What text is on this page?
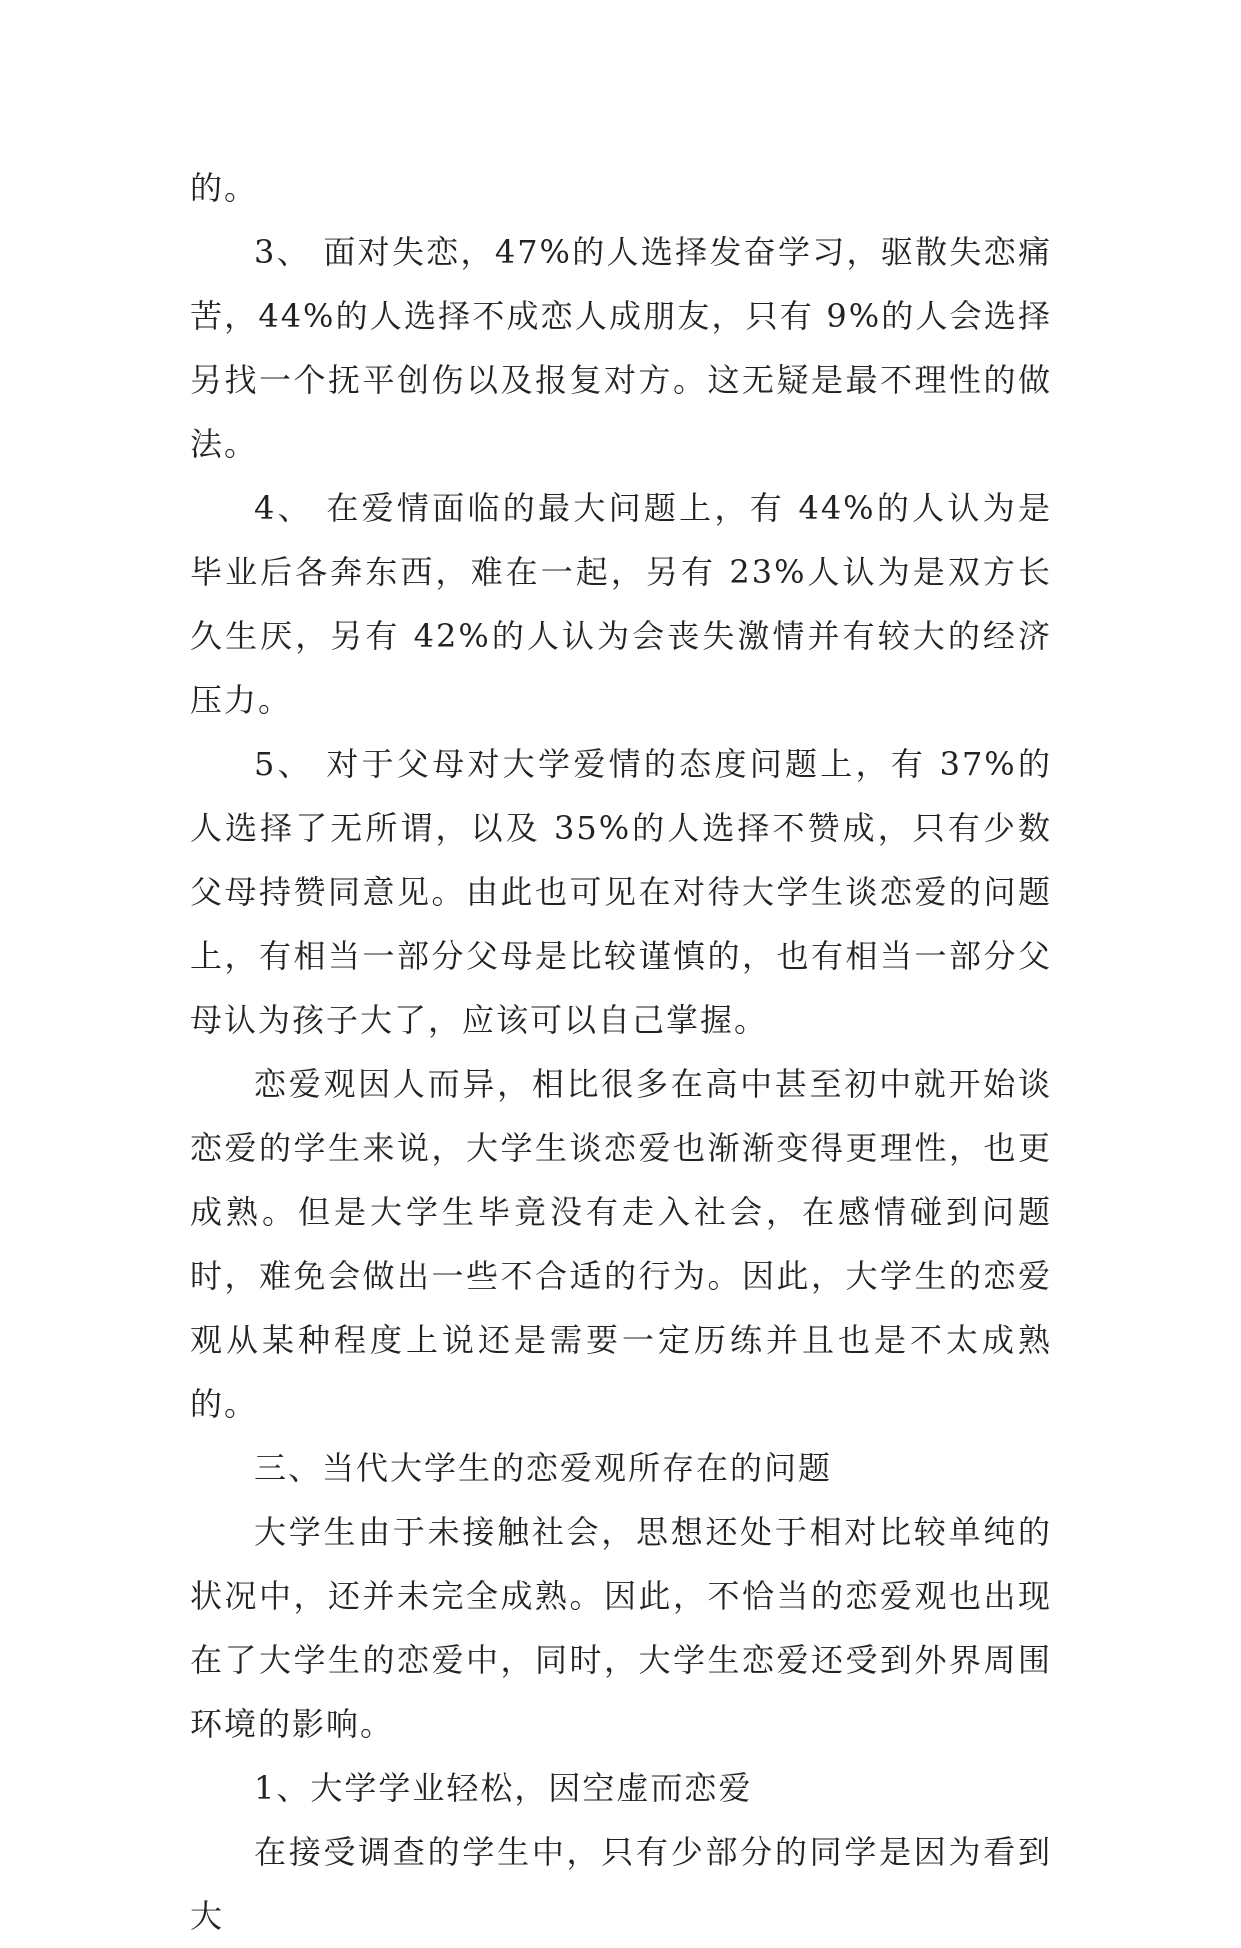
的。

3、 面对失恋，47%的人选择发奋学习，驱散失恋痛苦，44%的人选择不成恋人成朋友，只有 9%的人会选择另找一个抚平创伤以及报复对方。这无疑是最不理性的做法。

4、 在爱情面临的最大问题上，有 44%的人认为是毕业后各奔东西，难在一起，另有 23%人认为是双方长久生厌，另有 42%的人认为会丧失激情并有较大的经济压力。

5、 对于父母对大学爱情的态度问题上，有 37%的人选择了无所谓，以及 35%的人选择不赞成，只有少数父母持赞同意见。由此也可见在对待大学生谈恋爱的问题上，有相当一部分父母是比较谨慎的，也有相当一部分父母认为孩子大了，应该可以自己掌握。

恋爱观因人而异，相比很多在高中甚至初中就开始谈恋爱的学生来说，大学生谈恋爱也渐渐变得更理性，也更成熟。但是大学生毕竟没有走入社会，在感情碰到问题时，难免会做出一些不合适的行为。因此，大学生的恋爱观从某种程度上说还是需要一定历练并且也是不太成熟的。

三、当代大学生的恋爱观所存在的问题

大学生由于未接触社会，思想还处于相对比较单纯的状况中，还并未完全成熟。因此，不恰当的恋爱观也出现在了大学生的恋爱中，同时，大学生恋爱还受到外界周围环境的影响。

1、大学学业轻松，因空虚而恋爱

在接受调查的学生中，只有少部分的同学是因为看到大
